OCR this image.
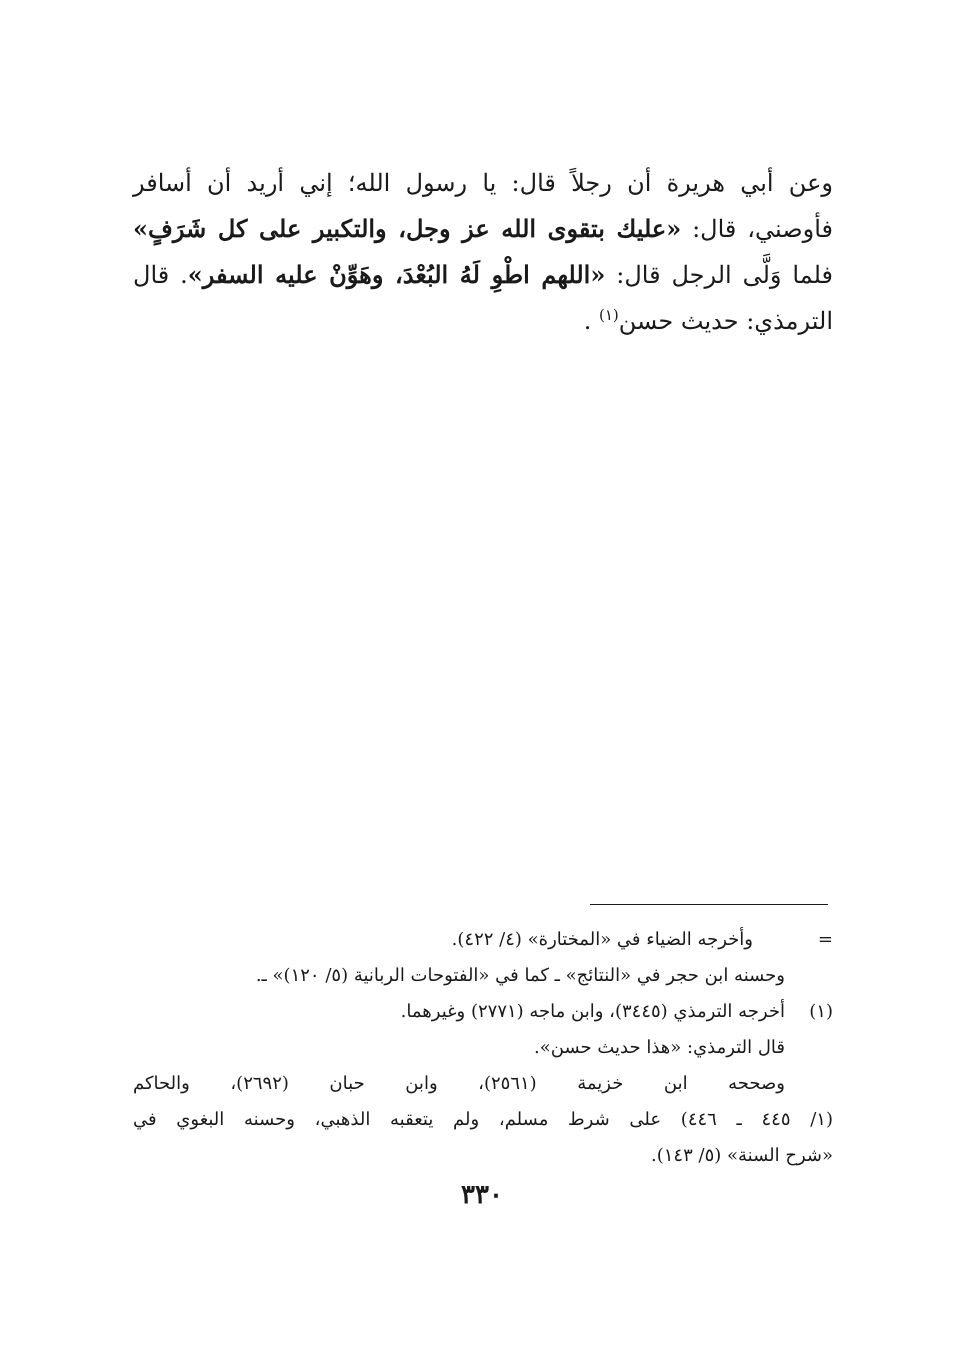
وعن أبي هريرة أن رجلاً قال: يا رسول الله؛ إني أريد أن أسافر فأوصني، قال: «عليك بتقوى الله عز وجل، والتكبير على كل شَرَفٍ» فلما وَلَّى الرجل قال: «اللهم اطْوِ لَهُ البُعْدَ، وهَوِّنْ عليه السفر». قال الترمذي: حديث حسن$^{(١)}$ .

=
وأخرجه الضياء في «المختارة» (٤/ ٤٢٢).
وحسنه ابن حجر في «النتائج» ـ كما في «الفتوحات الربانية (٥/ ١٢٠)» ـ.
(١)
أخرجه الترمذي (٣٤٤٥)، وابن ماجه (٢٧٧١) وغيرهما.
قال الترمذي: «هذا حديث حسن».
وصححه ابن خزيمة (٢٥٦١)، وابن حبان (٢٦٩٢)، والحاكم
(١/ ٤٤٥ ـ ٤٤٦) على شرط مسلم، ولم يتعقبه الذهبي، وحسنه البغوي في
«شرح السنة» (٥/ ١٤٣).
٣٣٠
